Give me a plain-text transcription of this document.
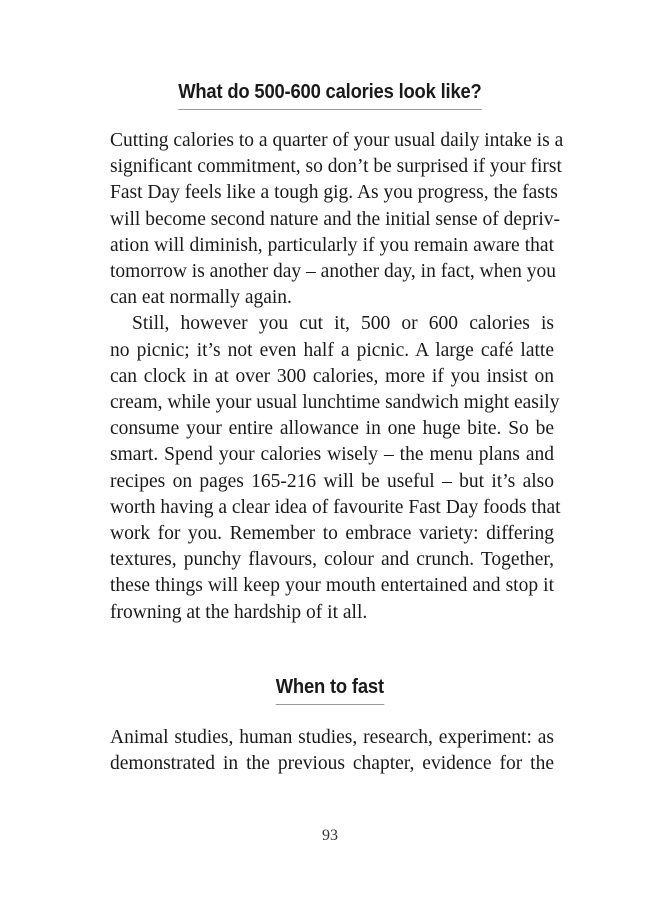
What do 500-600 calories look like?

Cutting calories to a quarter of your usual daily intake is a
significant commitment, so don’t be surprised if your first
Fast Day feels like a tough gig. As you progress, the fasts
will become second nature and the initial sense of depriv-
ation will diminish, particularly if you remain aware that
tomorrow is another day – another day, in fact, when you
can eat normally again.

Still, however you cut it, 500 or 600 calories is
no picnic; it’s not even half a picnic. A large café latte
can clock in at over 300 calories, more if you insist on
cream, while your usual lunchtime sandwich might easily
consume your entire allowance in one huge bite. So be
smart. Spend your calories wisely – the menu plans and
recipes on pages 165-216 will be useful – but it’s also
worth having a clear idea of favourite Fast Day foods that
work for you. Remember to embrace variety: differing
textures, punchy flavours, colour and crunch. Together,
these things will keep your mouth entertained and stop it
frowning at the hardship of it all.

When to fast

Animal studies, human studies, research, experiment: as
demonstrated in the previous chapter, evidence for the

93
